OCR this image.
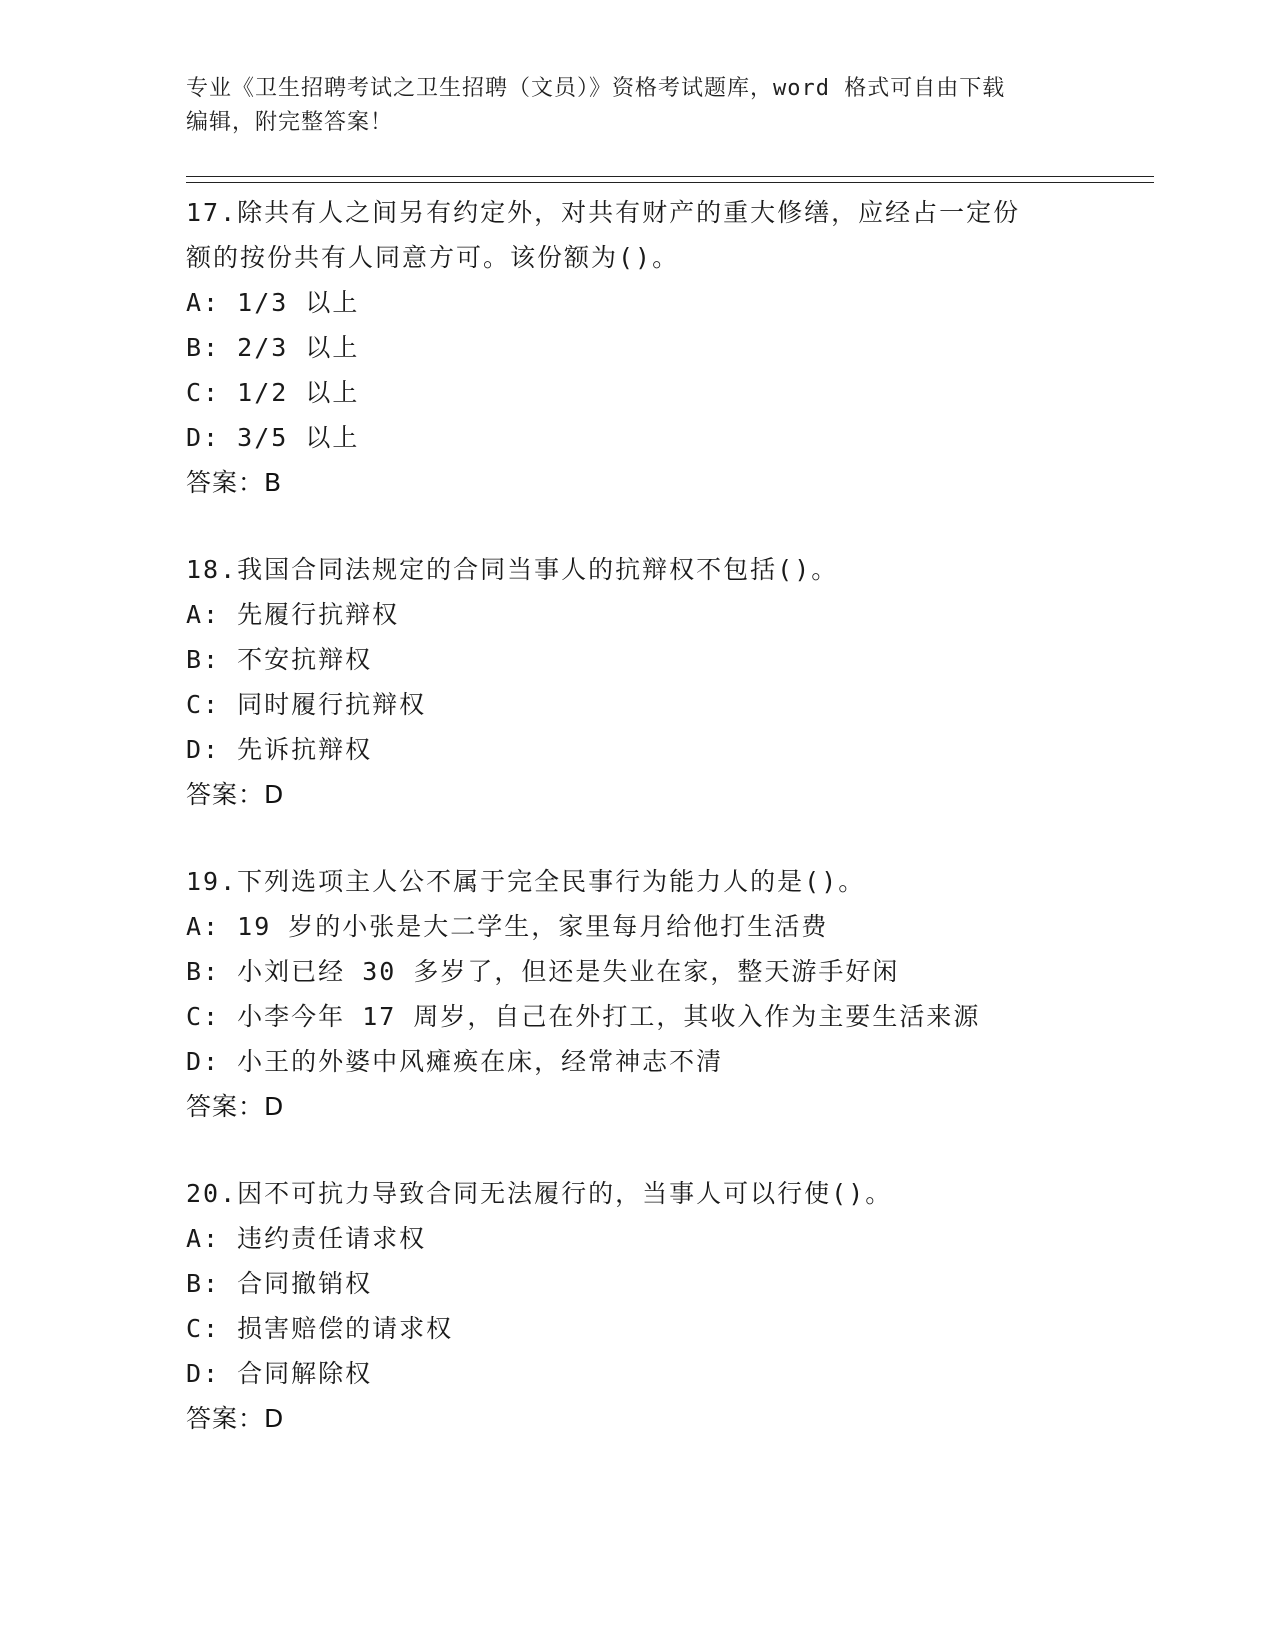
专业《卫生招聘考试之卫生招聘（文员）》资格考试题库，word 格式可自由下载
编辑，附完整答案！
17.除共有人之间另有约定外，对共有财产的重大修缮，应经占一定份
额的按份共有人同意方可。该份额为()。
A: 1/3 以上
B: 2/3 以上
C: 1/2 以上
D: 3/5 以上
答案：B
18.我国合同法规定的合同当事人的抗辩权不包括()。
A: 先履行抗辩权
B: 不安抗辩权
C: 同时履行抗辩权
D: 先诉抗辩权
答案：D
19.下列选项主人公不属于完全民事行为能力人的是()。
A: 19 岁的小张是大二学生，家里每月给他打生活费
B: 小刘已经 30 多岁了，但还是失业在家，整天游手好闲
C: 小李今年 17 周岁，自己在外打工，其收入作为主要生活来源
D: 小王的外婆中风瘫痪在床，经常神志不清
答案：D
20.因不可抗力导致合同无法履行的，当事人可以行使()。
A: 违约责任请求权
B: 合同撤销权
C: 损害赔偿的请求权
D: 合同解除权
答案：D
